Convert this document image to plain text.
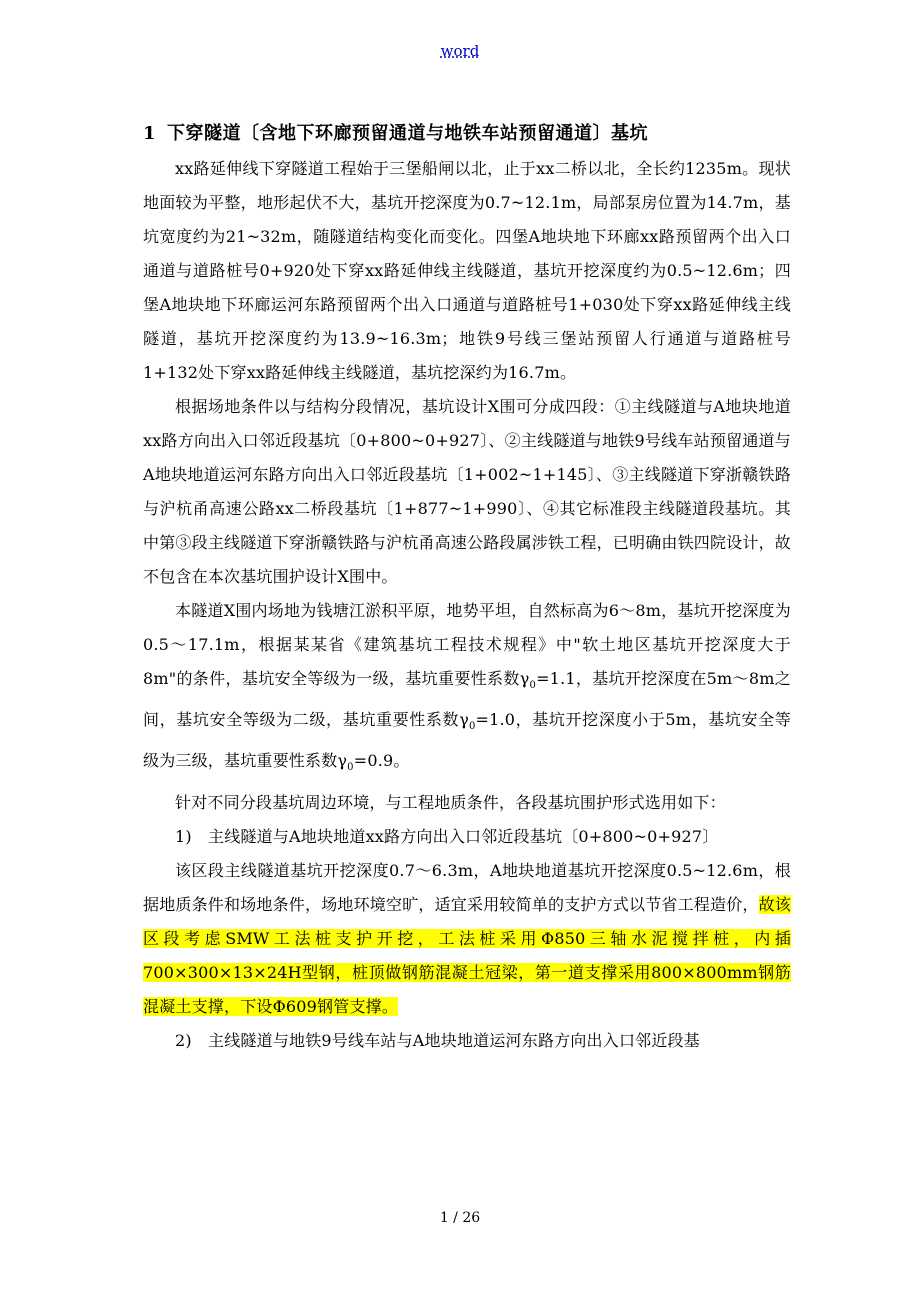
word
1 下穿隧道〔含地下环廊预留通道与地铁车站预留通道〕基坑

xx路延伸线下穿隧道工程始于三堡船闸以北，止于xx二桥以北，全长约1235m。现状地面较为平整，地形起伏不大，基坑开挖深度为0.7~12.1m，局部泵房位置为14.7m，基坑宽度约为21~32m，随隧道结构变化而变化。四堡A地块地下环廊xx路预留两个出入口通道与道路桩号0+920处下穿xx路延伸线主线隧道，基坑开挖深度约为0.5~12.6m；四堡A地块地下环廊运河东路预留两个出入口通道与道路桩号1+030处下穿xx路延伸线主线隧道，基坑开挖深度约为13.9~16.3m；地铁9号线三堡站预留人行通道与道路桩号1+132处下穿xx路延伸线主线隧道，基坑挖深约为16.7m。

根据场地条件以与结构分段情况，基坑设计X围可分成四段：①主线隧道与A地块地道xx路方向出入口邻近段基坑〔0+800~0+927〕、②主线隧道与地铁9号线车站预留通道与A地块地道运河东路方向出入口邻近段基坑〔1+002~1+145〕、③主线隧道下穿浙赣铁路与沪杭甬高速公路xx二桥段基坑〔1+877~1+990〕、④其它标准段主线隧道段基坑。其中第③段主线隧道下穿浙赣铁路与沪杭甬高速公路段属涉铁工程，已明确由铁四院设计，故不包含在本次基坑围护设计X围中。

本隧道X围内场地为钱塘江淤积平原，地势平坦，自然标高为6～8m，基坑开挖深度为0.5～17.1m，根据某某省《建筑基坑工程技术规程》中"软土地区基坑开挖深度大于8m"的条件，基坑安全等级为一级，基坑重要性系数$\gamma_0=1.1$，基坑开挖深度在5m～8m之间，基坑安全等级为二级，基坑重要性系数$\gamma_0=1.0$，基坑开挖深度小于5m，基坑安全等级为三级，基坑重要性系数$\gamma_0=0.9$。

针对不同分段基坑周边环境，与工程地质条件，各段基坑围护形式选用如下：

1)　主线隧道与A地块地道xx路方向出入口邻近段基坑〔0+800~0+927〕

该区段主线隧道基坑开挖深度0.7～6.3m，A地块地道基坑开挖深度0.5~12.6m，根据地质条件和场地条件，场地环境空旷，适宜采用较简单的支护方式以节省工程造价，故该区段考虑SMW工法桩支护开挖，工法桩采用Φ850三轴水泥搅拌桩，内插700×300×13×24H型钢，桩顶做钢筋混凝土冠梁，第一道支撑采用800×800mm钢筋混凝土支撑，下设Φ609钢管支撑。

2)　主线隧道与地铁9号线车站与A地块地道运河东路方向出入口邻近段基

1 / 26
